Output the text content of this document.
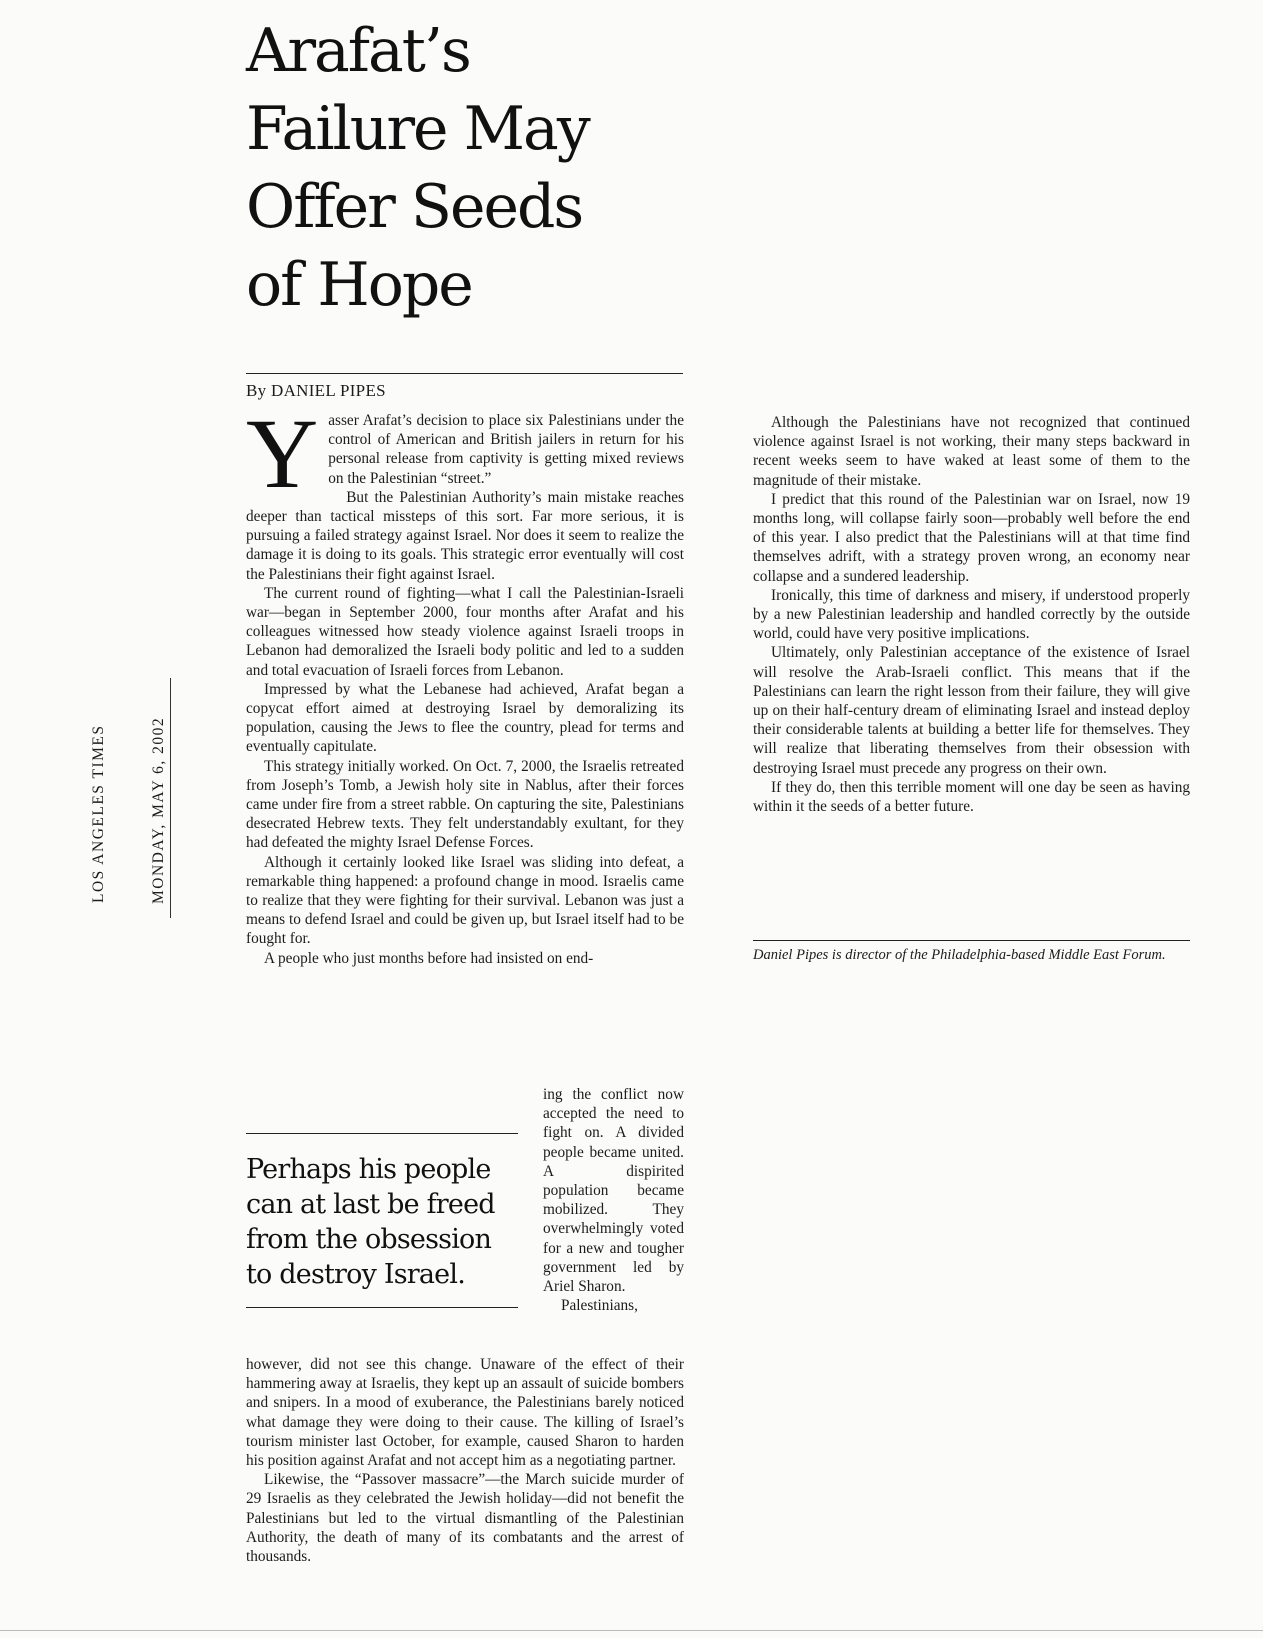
Arafat’s
Failure May
Offer Seeds
of Hope
By DANIEL PIPES
LOS ANGELES TIMES	MONDAY, MAY 6, 2002
Y asser Arafat’s decision to place six Palestinians under the control of American and British jailers in return for his personal release from captivity is getting mixed reviews on the Palestinian “street.”

But the Palestinian Authority’s main mistake reaches deeper than tactical missteps of this sort. Far more serious, it is pursuing a failed strategy against Israel. Nor does it seem to realize the damage it is doing to its goals. This strategic error eventually will cost the Palestinians their fight against Israel.

The current round of fighting—what I call the Palestinian-Israeli war—began in September 2000, four months after Arafat and his colleagues witnessed how steady violence against Israeli troops in Lebanon had demoralized the Israeli body politic and led to a sudden and total evacuation of Israeli forces from Lebanon.

Impressed by what the Lebanese had achieved, Arafat began a copycat effort aimed at destroying Israel by demoralizing its population, causing the Jews to flee the country, plead for terms and eventually capitulate.

This strategy initially worked. On Oct. 7, 2000, the Israelis retreated from Joseph’s Tomb, a Jewish holy site in Nablus, after their forces came under fire from a street rabble. On capturing the site, Palestinians desecrated Hebrew texts. They felt understandably exultant, for they had defeated the mighty Israel Defense Forces.

Although it certainly looked like Israel was sliding into defeat, a remarkable thing happened: a profound change in mood. Israelis came to realize that they were fighting for their survival. Lebanon was just a means to defend Israel and could be given up, but Israel itself had to be fought for.

A people who just months before had insisted on end-

Perhaps his people
can at last be freed
from the obsession
to destroy Israel.

ing the conflict now accepted the need to fight on. A divided people became united. A dispirited population became mobilized. They overwhelmingly voted for a new and tougher government led by Ariel Sharon.

Palestinians,

however, did not see this change. Unaware of the effect of their hammering away at Israelis, they kept up an assault of suicide bombers and snipers. In a mood of exuberance, the Palestinians barely noticed what damage they were doing to their cause. The killing of Israel’s tourism minister last October, for example, caused Sharon to harden his position against Arafat and not accept him as a negotiating partner.

Likewise, the “Passover massacre”—the March suicide murder of 29 Israelis as they celebrated the Jewish holiday—did not benefit the Palestinians but led to the virtual dismantling of the Palestinian Authority, the death of many of its combatants and the arrest of thousands.

Although the Palestinians have not recognized that continued violence against Israel is not working, their many steps backward in recent weeks seem to have waked at least some of them to the magnitude of their mistake.

I predict that this round of the Palestinian war on Israel, now 19 months long, will collapse fairly soon—probably well before the end of this year. I also predict that the Palestinians will at that time find themselves adrift, with a strategy proven wrong, an economy near collapse and a sundered leadership.

Ironically, this time of darkness and misery, if understood properly by a new Palestinian leadership and handled correctly by the outside world, could have very positive implications.

Ultimately, only Palestinian acceptance of the existence of Israel will resolve the Arab-Israeli conflict. This means that if the Palestinians can learn the right lesson from their failure, they will give up on their half-century dream of eliminating Israel and instead deploy their considerable talents at building a better life for themselves. They will realize that liberating themselves from their obsession with destroying Israel must precede any progress on their own.

If they do, then this terrible moment will one day be seen as having within it the seeds of a better future.

Daniel Pipes is director of the Philadelphia-based Middle East Forum.
